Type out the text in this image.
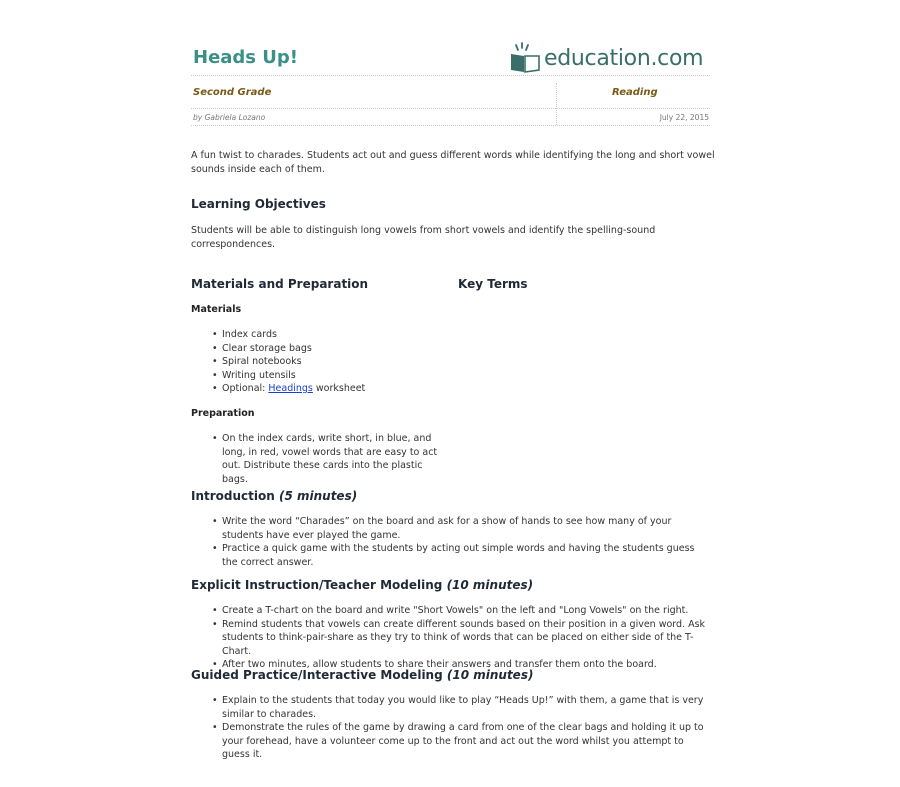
Heads Up!	education.com
Second Grade	Reading
by Gabriela Lozano	July 22, 2015
A fun twist to charades. Students act out and guess different words while identifying the long and short vowel sounds inside each of them.
Learning Objectives
Students will be able to distinguish long vowels from short vowels and identify the spelling-sound correspondences.
Materials and Preparation	Key Terms
Materials
• Index cards
• Clear storage bags
• Spiral notebooks
• Writing utensils
• Optional: Headings worksheet
Preparation
• On the index cards, write short, in blue, and long, in red, vowel words that are easy to act out. Distribute these cards into the plastic bags.
Introduction (5 minutes)
• Write the word “Charades” on the board and ask for a show of hands to see how many of your students have ever played the game.
• Practice a quick game with the students by acting out simple words and having the students guess the correct answer.
Explicit Instruction/Teacher Modeling (10 minutes)
• Create a T-chart on the board and write "Short Vowels" on the left and "Long Vowels" on the right.
• Remind students that vowels can create different sounds based on their position in a given word. Ask students to think-pair-share as they try to think of words that can be placed on either side of the T-Chart.
• After two minutes, allow students to share their answers and transfer them onto the board.
Guided Practice/Interactive Modeling (10 minutes)
• Explain to the students that today you would like to play “Heads Up!” with them, a game that is very similar to charades.
• Demonstrate the rules of the game by drawing a card from one of the clear bags and holding it up to your forehead, have a volunteer come up to the front and act out the word whilst you attempt to guess it.
